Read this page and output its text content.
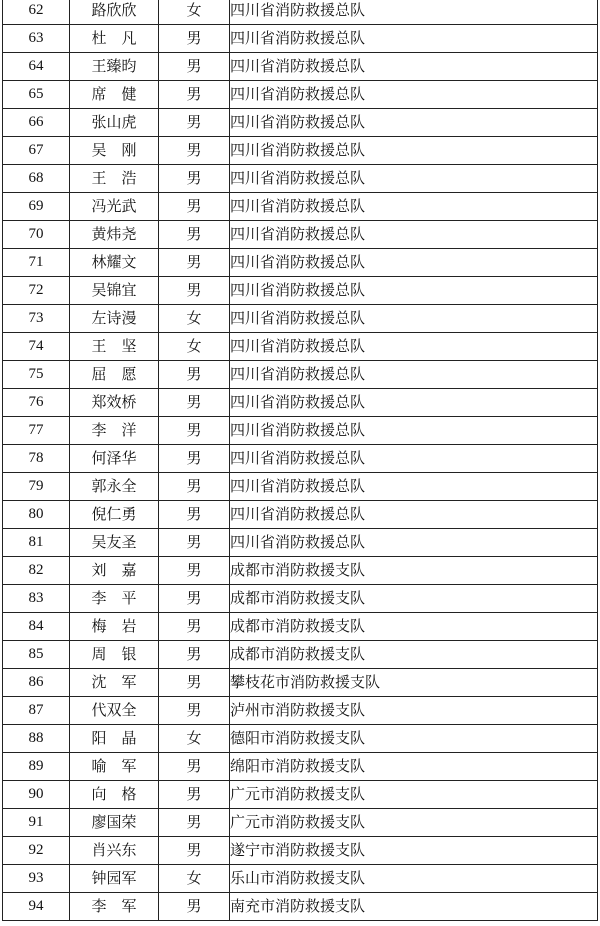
62	路欣欣	女	四川省消防救援总队
63	杜　凡	男	四川省消防救援总队
64	王臻昀	男	四川省消防救援总队
65	席　健	男	四川省消防救援总队
66	张山虎	男	四川省消防救援总队
67	吴　刚	男	四川省消防救援总队
68	王　浩	男	四川省消防救援总队
69	冯光武	男	四川省消防救援总队
70	黄炜尧	男	四川省消防救援总队
71	林耀文	男	四川省消防救援总队
72	吴锦宜	男	四川省消防救援总队
73	左诗漫	女	四川省消防救援总队
74	王　坚	女	四川省消防救援总队
75	屈　愿	男	四川省消防救援总队
76	郑效桥	男	四川省消防救援总队
77	李　洋	男	四川省消防救援总队
78	何泽华	男	四川省消防救援总队
79	郭永全	男	四川省消防救援总队
80	倪仁勇	男	四川省消防救援总队
81	吴友圣	男	四川省消防救援总队
82	刘　嘉	男	成都市消防救援支队
83	李　平	男	成都市消防救援支队
84	梅　岩	男	成都市消防救援支队
85	周　银	男	成都市消防救援支队
86	沈　军	男	攀枝花市消防救援支队
87	代双全	男	泸州市消防救援支队
88	阳　晶	女	德阳市消防救援支队
89	喻　军	男	绵阳市消防救援支队
90	向　格	男	广元市消防救援支队
91	廖国荣	男	广元市消防救援支队
92	肖兴东	男	遂宁市消防救援支队
93	钟园军	女	乐山市消防救援支队
94	李　军	男	南充市消防救援支队
